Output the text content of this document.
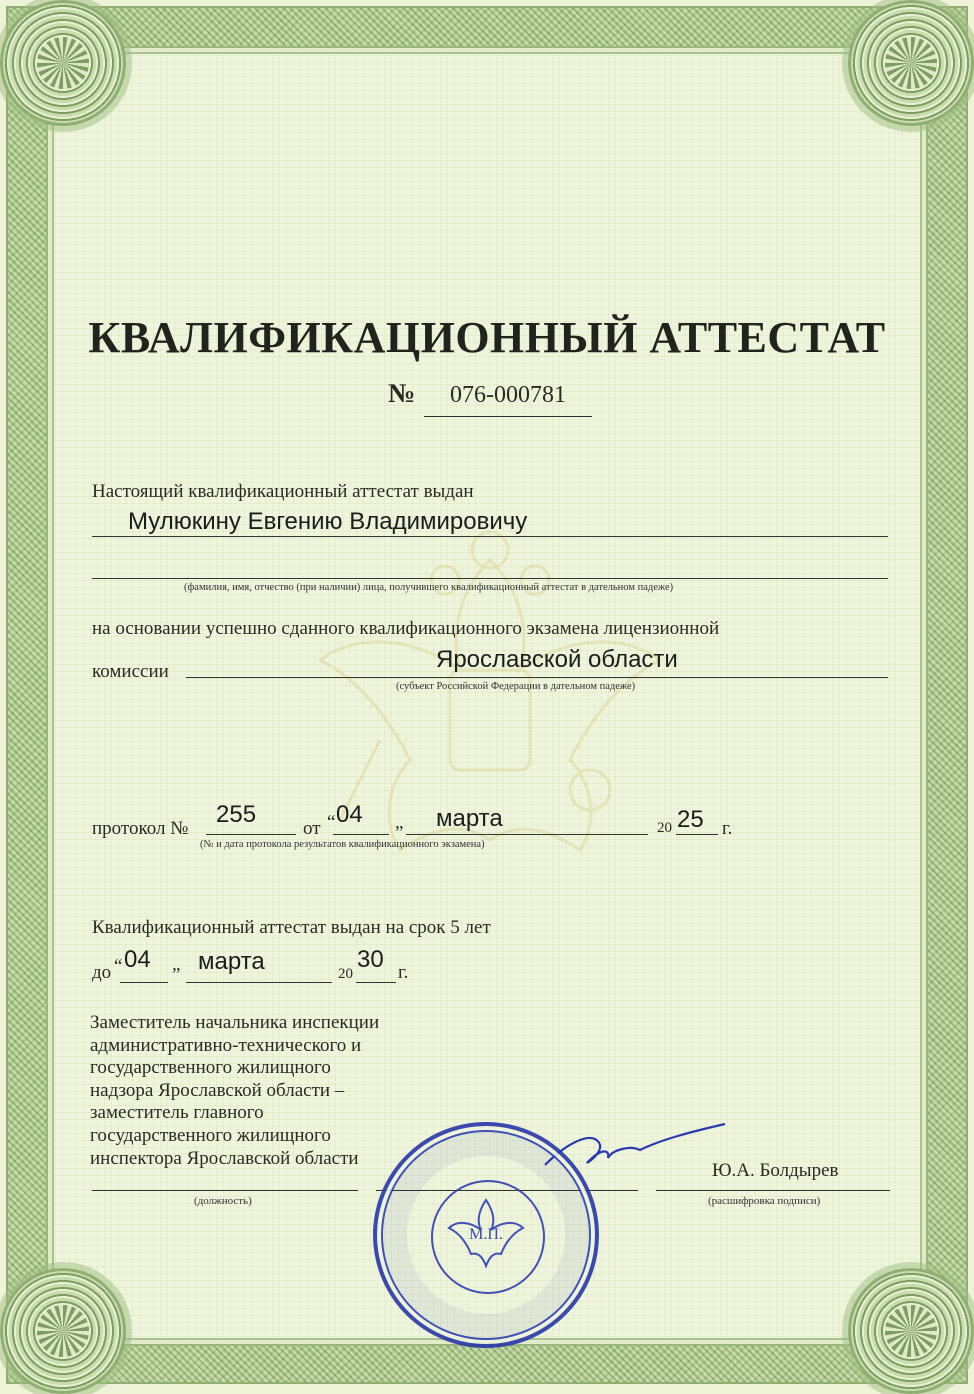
КВАЛИФИКАЦИОННЫЙ АТТЕСТАТ
№	076-000781
Настоящий квалификационный аттестат выдан
Мулюкину Евгению Владимировичу
(фамилия, имя, отчество (при наличии) лица, получившего квалификационный аттестат в дательном падеже)
на основании успешно сданного квалификационного экзамена лицензионной
комиссии	Ярославской области
(субъект Российской Федерации в дательном падеже)
протокол №
255
от “ 04 „ марта	20 25 г.
(№ и дата протокола результатов квалификационного экзамена)
Квалификационный аттестат выдан на срок 5 лет
до “ 04 „ марта	20
30 г.
Заместитель начальника инспекции
административно-технического и
государственного жилищного
надзора Ярославской области –
заместитель главного
государственного жилищного
инспектора Ярославской области
(должность)
Ю.А. Болдырев
(расшифровка подписи)
М.П.
